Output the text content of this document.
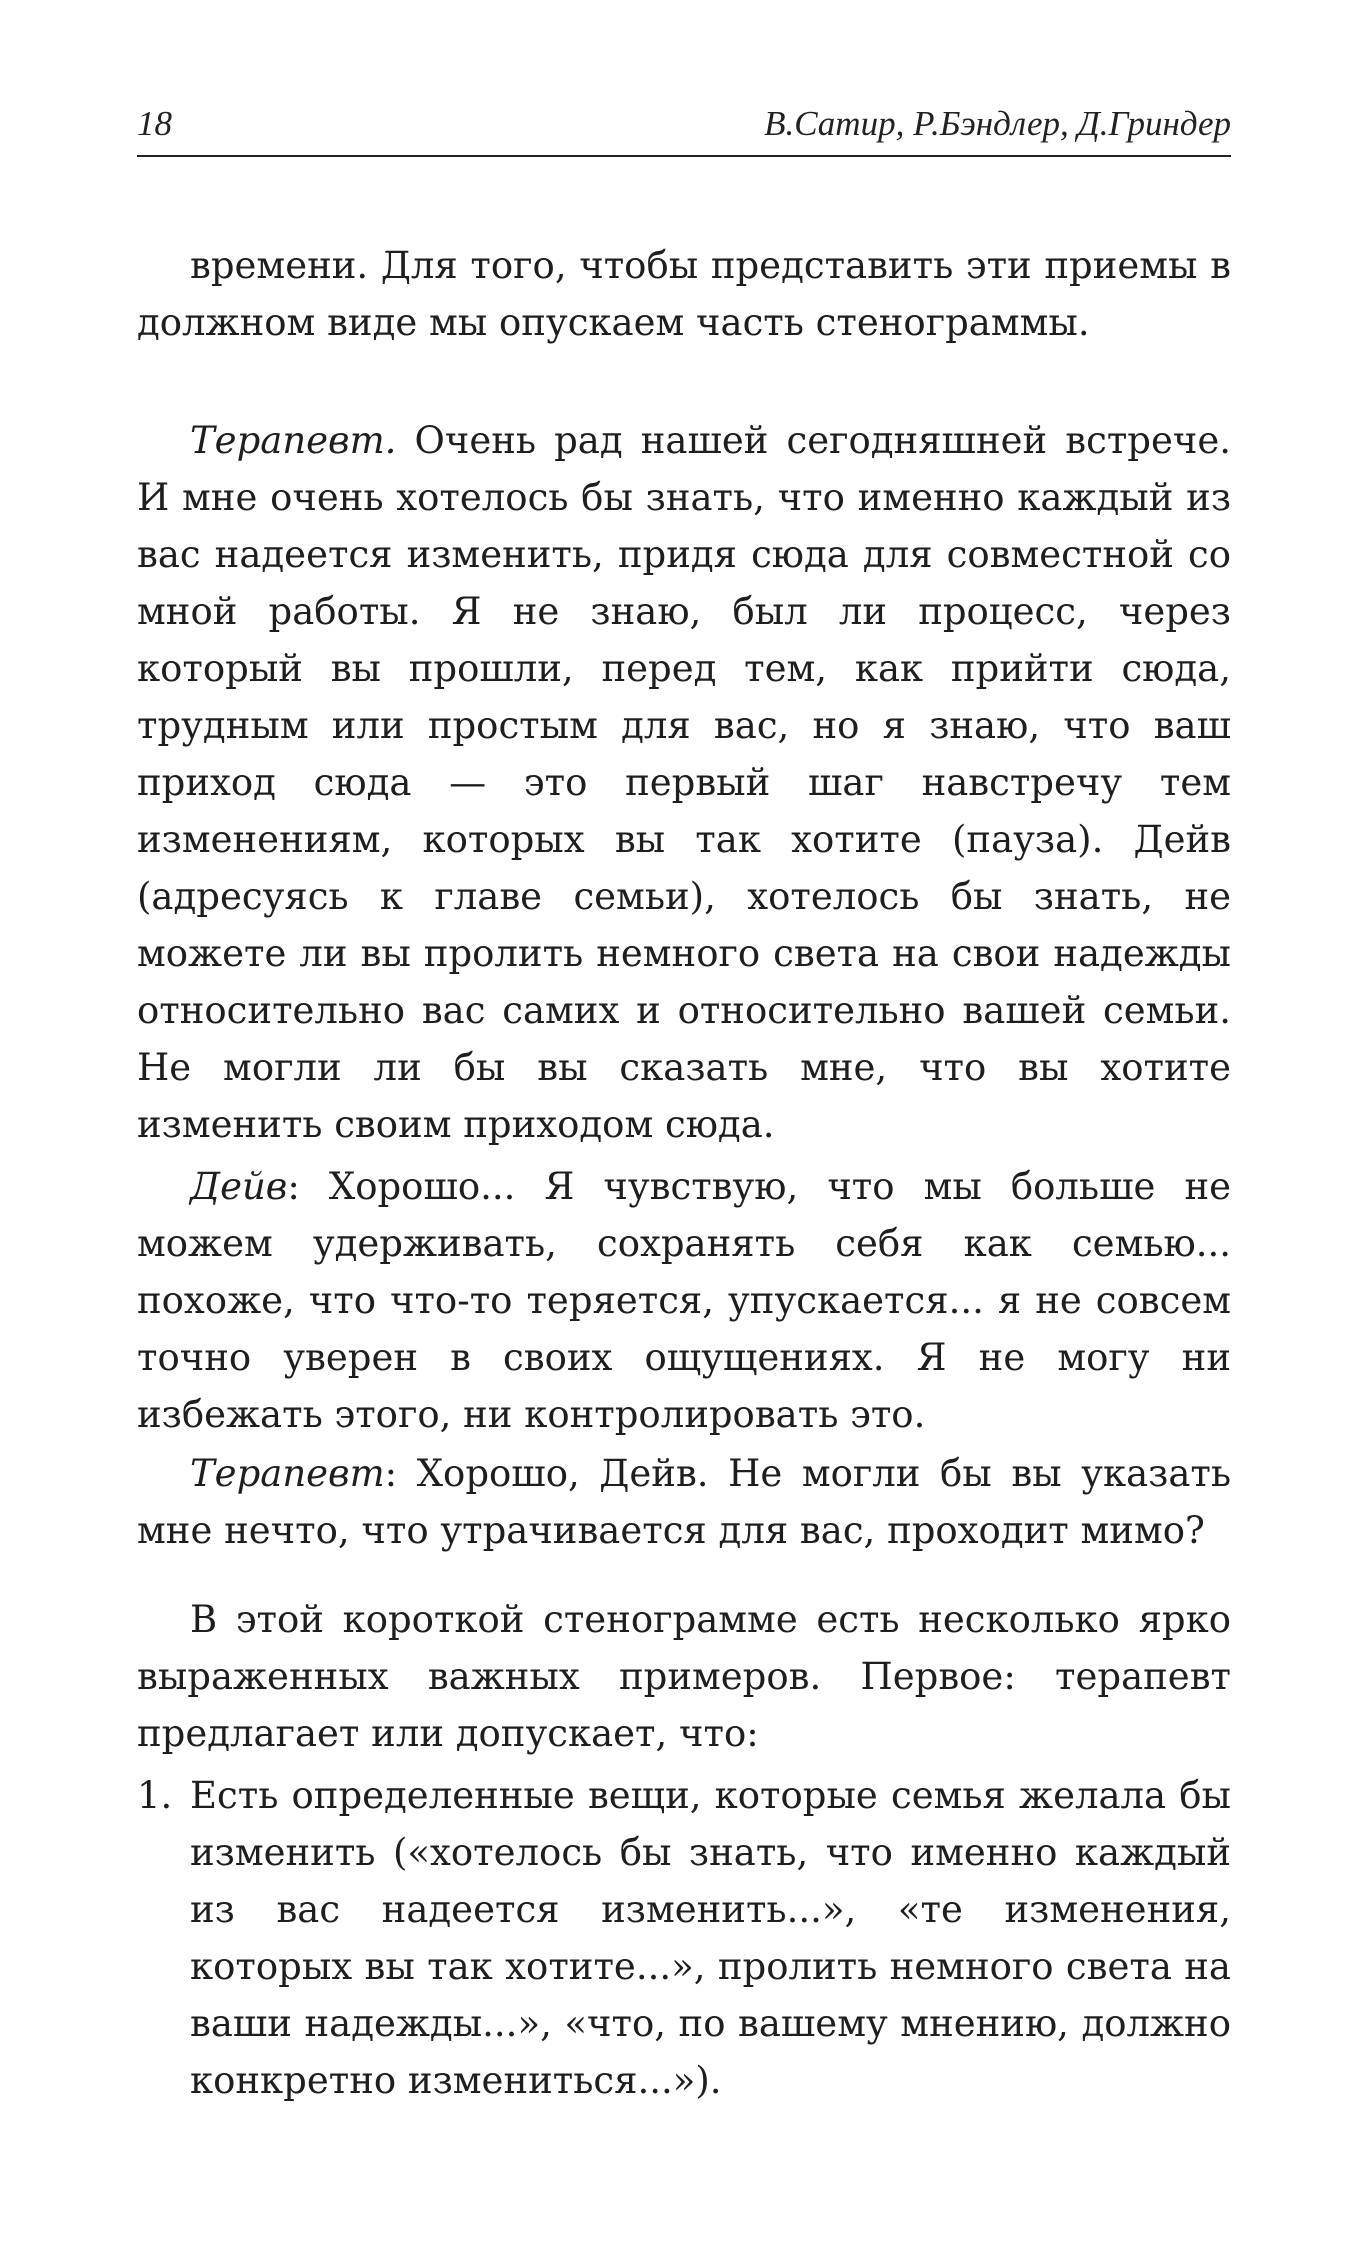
18	В.Сатир, Р.Бэндлер, Д.Гриндер

времени. Для того, чтобы представить эти приемы в должном виде мы опускаем часть стенограммы.

Терапевт. Очень рад нашей сегодняшней встрече. И мне очень хотелось бы знать, что именно каждый из вас надеется изменить, придя сюда для совместной со мной работы. Я не знаю, был ли процесс, через который вы прошли, перед тем, как прийти сюда, трудным или простым для вас, но я знаю, что ваш приход сюда — это первый шаг навстречу тем изменениям, которых вы так хотите (пауза). Дейв (адресуясь к главе семьи), хотелось бы знать, не можете ли вы пролить немного света на свои надежды относительно вас самих и относительно вашей семьи. Не могли ли бы вы сказать мне, что вы хотите изменить своим приходом сюда.

Дейв: Хорошо... Я чувствую, что мы больше не можем удерживать, сохранять себя как семью... похоже, что что-то теряется, упускается... я не совсем точно уверен в своих ощущениях. Я не могу ни избежать этого, ни контролировать это.

Терапевт: Хорошо, Дейв. Не могли бы вы указать мне нечто, что утрачивается для вас, проходит мимо?

В этой короткой стенограмме есть несколько ярко выраженных важных примеров. Первое: терапевт предлагает или допускает, что:

1. Есть определенные вещи, которые семья желала бы изменить («хотелось бы знать, что именно каждый из вас надеется изменить...», «те изменения, которых вы так хотите...», пролить немного света на ваши надежды...», «что, по вашему мнению, должно конкретно измениться...»).
